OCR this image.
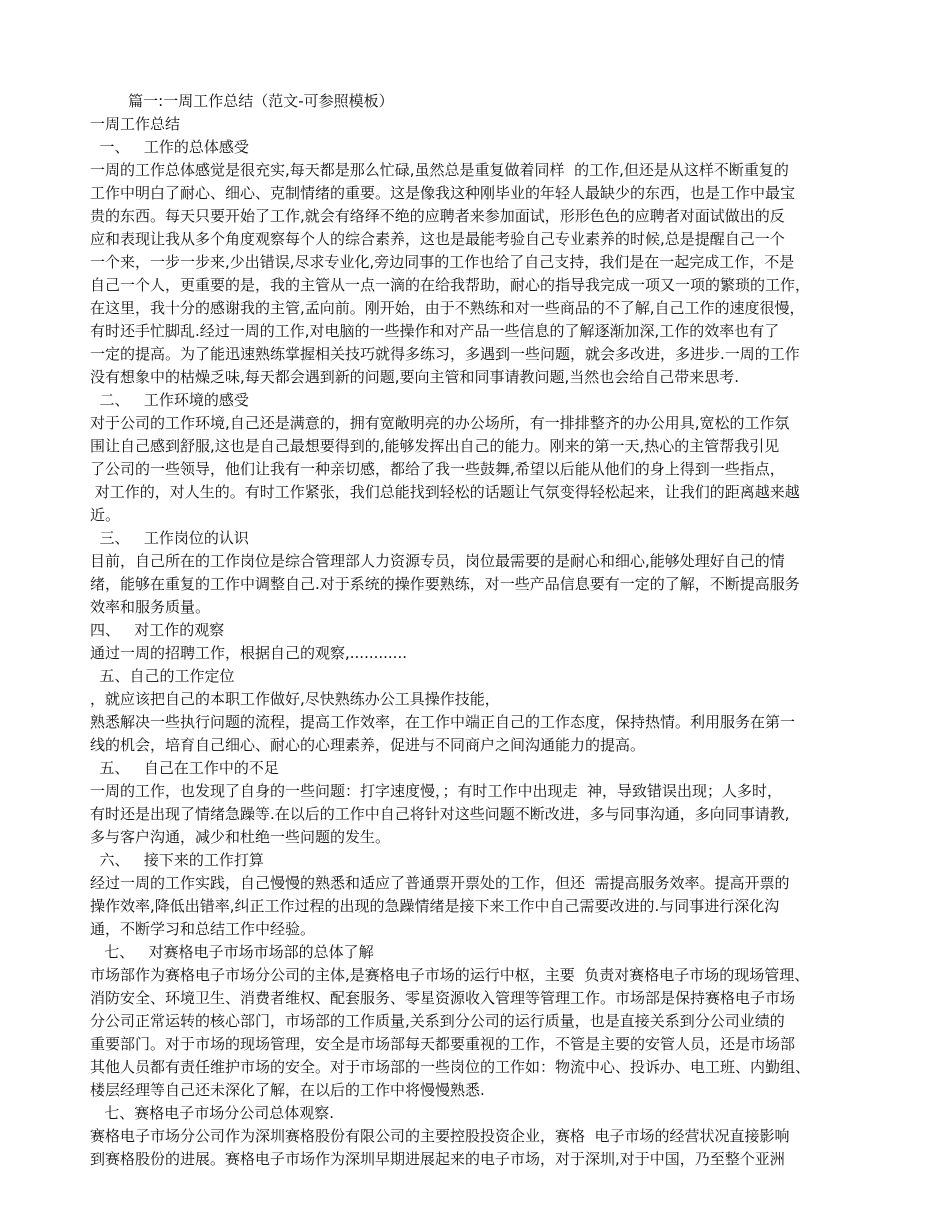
篇一:一周工作总结（范文-可参照模板）
一周工作总结
一、   工作的总体感受
一周的工作总体感觉是很充实,每天都是那么忙碌,虽然总是重复做着同样  的工作,但还是从这样不断重复的
工作中明白了耐心、细心、克制情绪的重要。这是像我这种刚毕业的年轻人最缺少的东西，也是工作中最宝
贵的东西。每天只要开始了工作,就会有络绎不绝的应聘者来参加面试，形形色色的应聘者对面试做出的反
应和表现让我从多个角度观察每个人的综合素养，这也是最能考验自己专业素养的时候,总是提醒自己一个
一个来，一步一步来,少出错误,尽求专业化,旁边同事的工作也给了自己支持，我们是在一起完成工作，不是
自己一个人，更重要的是，我的主管从一点一滴的在给我帮助，耐心的指导我完成一项又一项的繁琐的工作，
在这里，我十分的感谢我的主管,孟向前。刚开始，由于不熟练和对一些商品的不了解,自己工作的速度很慢，
有时还手忙脚乱.经过一周的工作,对电脑的一些操作和对产品一些信息的了解逐渐加深,工作的效率也有了
一定的提高。为了能迅速熟练掌握相关技巧就得多练习，多遇到一些问题，就会多改进，多进步.一周的工作
没有想象中的枯燥乏味,每天都会遇到新的问题,要向主管和同事请教问题,当然也会给自己带来思考.
二、   工作环境的感受
对于公司的工作环境,自己还是满意的，拥有宽敞明亮的办公场所，有一排排整齐的办公用具,宽松的工作氛
围让自己感到舒服,这也是自己最想要得到的,能够发挥出自己的能力。刚来的第一天,热心的主管帮我引见
了公司的一些领导，他们让我有一种亲切感，都给了我一些鼓舞,希望以后能从他们的身上得到一些指点，
对工作的，对人生的。有时工作紧张，我们总能找到轻松的话题让气氛变得轻松起来，让我们的距离越来越
近。
三、   工作岗位的认识
目前，自己所在的工作岗位是综合管理部人力资源专员，岗位最需要的是耐心和细心,能够处理好自己的情
绪，能够在重复的工作中调整自己.对于系统的操作要熟练，对一些产品信息要有一定的了解，不断提高服务
效率和服务质量。
四、   对工作的观察
通过一周的招聘工作，根据自己的观察,............
五、自己的工作定位
，就应该把自己的本职工作做好,尽快熟练办公工具操作技能，
熟悉解决一些执行问题的流程，提高工作效率，在工作中端正自己的工作态度，保持热情。利用服务在第一
线的机会，培育自己细心、耐心的心理素养，促进与不同商户之间沟通能力的提高。
五、   自己在工作中的不足
一周的工作，也发现了自身的一些问题：打字速度慢，；有时工作中出现走  神，导致错误出现；人多时，
有时还是出现了情绪急躁等.在以后的工作中自己将针对这些问题不断改进，多与同事沟通，多向同事请教,
多与客户沟通，减少和杜绝一些问题的发生。
六、   接下来的工作打算
经过一周的工作实践，自己慢慢的熟悉和适应了普通票开票处的工作，但还  需提高服务效率。提高开票的
操作效率,降低出错率,纠正工作过程的出现的急躁情绪是接下来工作中自己需要改进的.与同事进行深化沟
通，不断学习和总结工作中经验。
七、   对赛格电子市场市场部的总体了解
市场部作为赛格电子市场分公司的主体,是赛格电子市场的运行中枢，主要  负责对赛格电子市场的现场管理、
消防安全、环境卫生、消费者维权、配套服务、零星资源收入管理等管理工作。市场部是保持赛格电子市场
分公司正常运转的核心部门，市场部的工作质量,关系到分公司的运行质量，也是直接关系到分公司业绩的
重要部门。对于市场的现场管理，安全是市场部每天都要重视的工作，不管是主要的安管人员，还是市场部
其他人员都有责任维护市场的安全。对于市场部的一些岗位的工作如：物流中心、投诉办、电工班、内勤组、
楼层经理等自己还未深化了解，在以后的工作中将慢慢熟悉.
七、赛格电子市场分公司总体观察.
赛格电子市场分公司作为深圳赛格股份有限公司的主要控股投资企业，赛格  电子市场的经营状况直接影响
到赛格股份的进展。赛格电子市场作为深圳早期进展起来的电子市场，对于深圳,对于中国，乃至整个亚洲
